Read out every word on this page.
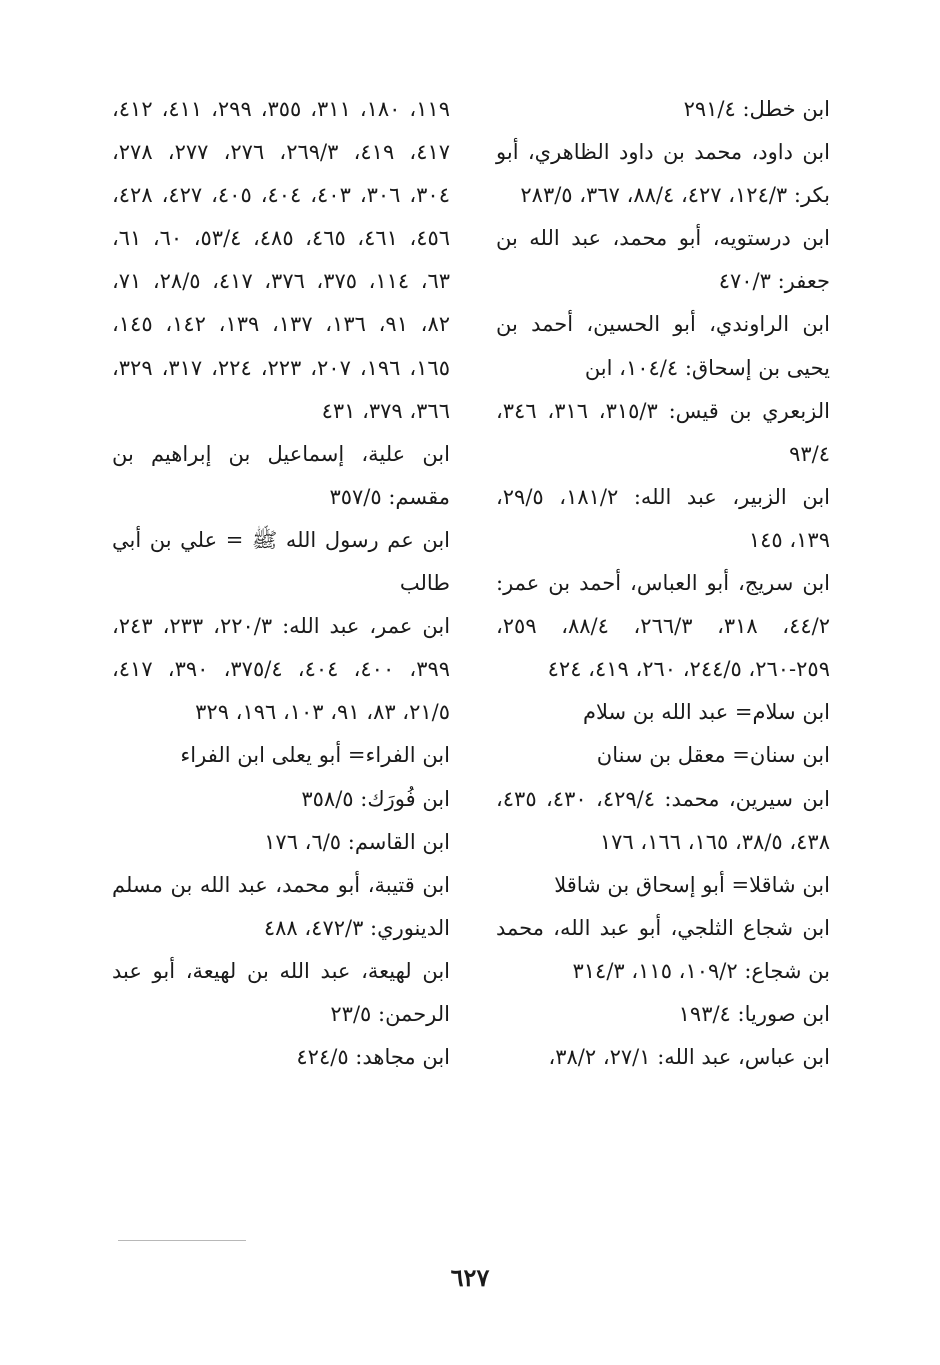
ابن خطل: ٢٩١/٤

ابن داود، محمد بن داود الظاهري، أبو بكر: ١٢٤/٣، ٤٢٧، ٨٨/٤، ٣٦٧، ٢٨٣/٥

ابن درستويه، أبو محمد، عبد الله بن جعفر: ٤٧٠/٣

ابن الراوندي، أبو الحسين، أحمد بن يحيى بن إسحاق: ١٠٤/٤، ابن

الزبعري بن قيس: ٣١٥/٣، ٣١٦، ٣٤٦، ٩٣/٤

ابن الزبير، عبد الله: ١٨١/٢، ٢٩/٥، ١٣٩، ١٤٥

ابن سريج، أبو العباس، أحمد بن عمر: ٤٤/٢، ٣١٨، ٢٦٦/٣، ٨٨/٤، ٢٥٩، ٢٥٩-٢٦٠، ٢٤٤/٥، ٢٦٠، ٤١٩، ٤٢٤

ابن سلام= عبد الله بن سلام

ابن سنان= معقل بن سنان

ابن سيرين، محمد: ٤٢٩/٤، ٤٣٠، ٤٣٥، ٤٣٨، ٣٨/٥، ١٦٥، ١٦٦، ١٧٦

ابن شاقلا= أبو إسحاق بن شاقلا

ابن شجاع الثلجي، أبو عبد الله، محمد بن شجاع: ١٠٩/٢، ١١٥، ٣١٤/٣

ابن صوريا: ١٩٣/٤

ابن عباس، عبد الله: ٢٧/١، ٣٨/٢،

١١٩، ١٨٠، ٣١١، ٣٥٥، ٢٩٩، ٤١١، ٤١٢، ٤١٧، ٤١٩، ٢٦٩/٣، ٢٧٦، ٢٧٧، ٢٧٨، ٣٠٤، ٣٠٦، ٤٠٣، ٤٠٤، ٤٠٥، ٤٢٧، ٤٢٨، ٤٥٦، ٤٦١، ٤٦٥، ٤٨٥، ٥٣/٤، ٦٠، ٦١، ٦٣، ١١٤، ٣٧٥، ٣٧٦، ٤١٧، ٢٨/٥، ٧١، ٨٢، ٩١، ١٣٦، ١٣٧، ١٣٩، ١٤٢، ١٤٥، ١٦٥، ١٩٦، ٢٠٧، ٢٢٣، ٢٢٤، ٣١٧، ٣٢٩، ٣٦٦، ٣٧٩، ٤٣١

ابن علية، إسماعيل بن إبراهيم بن مقسم: ٣٥٧/٥

ابن عم رسول الله ﷺ = علي بن أبي طالب

ابن عمر، عبد الله: ٢٢٠/٣، ٢٣٣، ٢٤٣، ٣٩٩، ٤٠٠، ٤٠٤، ٣٧٥/٤، ٣٩٠، ٤١٧، ٢١/٥، ٨٣، ٩١، ١٠٣، ١٩٦، ٣٢٩

ابن الفراء= أبو يعلى ابن الفراء

ابن فُورَك: ٣٥٨/٥

ابن القاسم: ٦/٥، ١٧٦

ابن قتيبة، أبو محمد، عبد الله بن مسلم الدينوري: ٤٧٢/٣، ٤٨٨

ابن لهيعة، عبد الله بن لهيعة، أبو عبد الرحمن: ٢٣/٥

ابن مجاهد: ٤٢٤/٥

٦٢٧
